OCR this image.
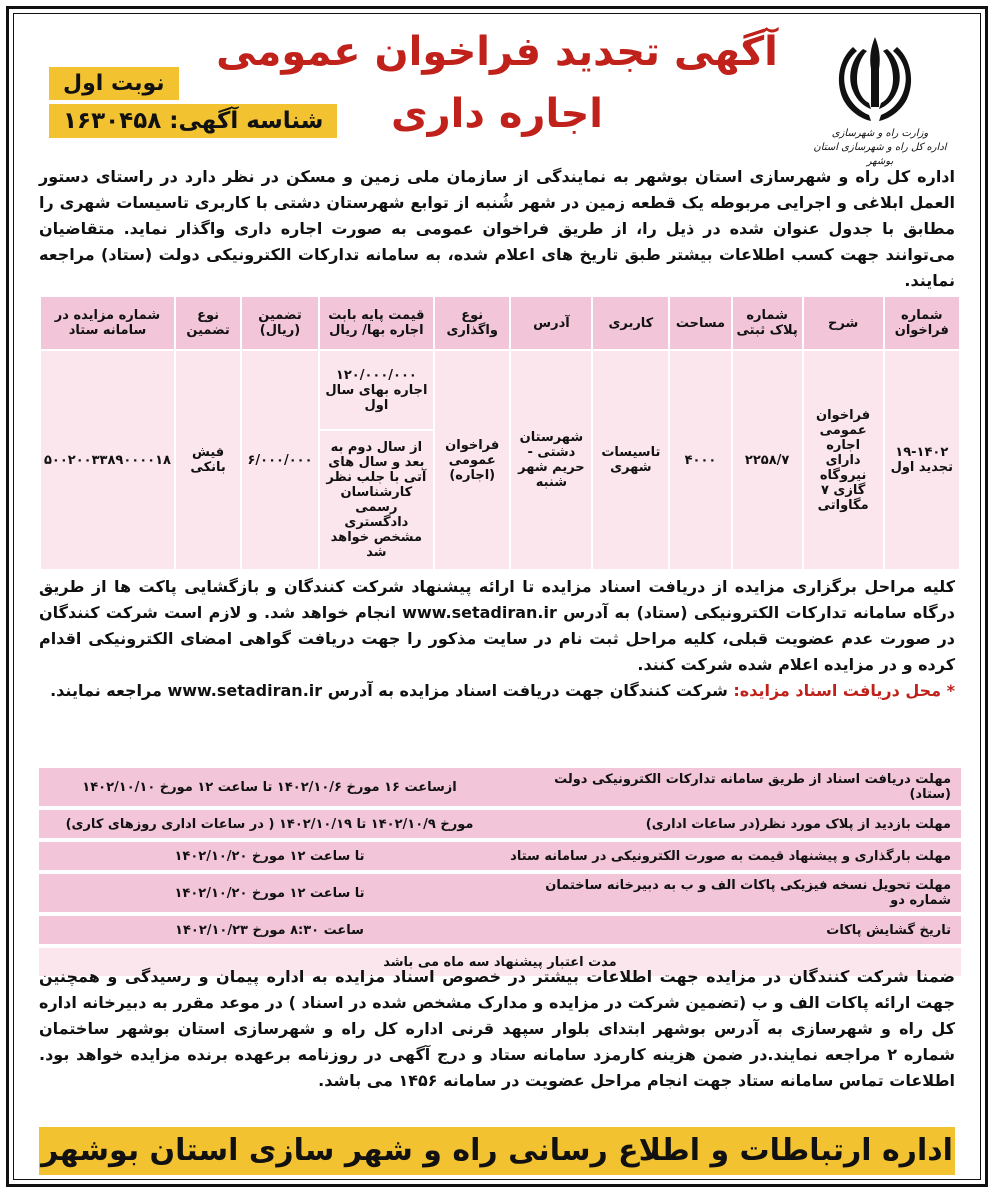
آگهی تجدید فراخوان عمومی
اجاره داری
نوبت اول
شناسه آگهی: ۱۶۳۰۴۵۸	وزارت راه و شهرسازی
اداره کل راه و شهرسازی استان بوشهر
اداره کل راه و شهرسازی استان بوشهر به نمایندگی از سازمان ملی زمین و مسکن در نظر دارد در راستای دستور العمل ابلاغی و اجرایی مربوطه یک قطعه زمین در شهر شُنبه از توابع شهرستان دشتی با کاربری تاسیسات شهری را مطابق با جدول عنوان شده در ذیل را، از طریق فراخوان عمومی به صورت اجاره داری واگذار نماید. متقاضیان می‌توانند جهت کسب اطلاعات بیشتر طبق تاریخ های اعلام شده، به سامانه تدارکات الکترونیکی دولت (ستاد) مراجعه نمایند.
شماره فراخوان	شرح	شماره پلاک ثبتی	مساحت	کاربری	آدرس	نوع واگذاری	قیمت پایه بابت اجاره بها/ ریال	تضمین (ریال)	نوع تضمین	شماره مزایده در سامانه ستاد
۱۹-۱۴۰۲ تجدید اول	فراخوان عمومی اجاره دارای نیروگاه گازی ۷ مگاواتی	۲۲۵۸/۷	۴۰۰۰	تاسیسات شهری	شهرستان دشتی - حریم شهر شنبه	فراخوان عمومی (اجاره)	۱۲۰/۰۰۰/۰۰۰ اجاره بهای سال اول	۶/۰۰۰/۰۰۰	فیش بانکی	۵۰۰۲۰۰۳۳۸۹۰۰۰۰۱۸
							از سال دوم به بعد و سال های آتی با جلب نظر کارشناسان رسمی دادگستری مشخص خواهد شد			
کلیه مراحل برگزاری مزایده از دریافت اسناد مزایده تا ارائه پیشنهاد شرکت کنندگان و بازگشایی پاکت ها از طریق درگاه سامانه تدارکات الکترونیکی (ستاد) به آدرس www.setadiran.ir انجام خواهد شد. و لازم است شرکت کنندگان در صورت عدم عضویت قبلی، کلیه مراحل ثبت نام در سایت مذکور را جهت دریافت گواهی امضای الکترونیکی اقدام کرده و در مزایده اعلام شده شرکت کنند.
* محل دریافت اسناد مزایده: شرکت کنندگان جهت دریافت اسناد مزایده به آدرس www.setadiran.ir مراجعه نمایند.
مهلت دریافت اسناد از طریق سامانه تدارکات الکترونیکی دولت (ستاد)	ازساعت ۱۶ مورخ ۱۴۰۲/۱۰/۶ تا ساعت ۱۲ مورخ ۱۴۰۲/۱۰/۱۰
مهلت بازدید از پلاک مورد نظر(در ساعات اداری)	مورخ ۱۴۰۲/۱۰/۹ تا ۱۴۰۲/۱۰/۱۹ ( در ساعات اداری روزهای کاری)
مهلت بارگذاری و پیشنهاد قیمت به صورت الکترونیکی در سامانه ستاد	تا ساعت ۱۲ مورخ ۱۴۰۲/۱۰/۲۰
مهلت تحویل نسخه فیزیکی پاکات الف و ب به دبیرخانه ساختمان شماره دو	تا ساعت ۱۲ مورخ ۱۴۰۲/۱۰/۲۰
تاریخ گشایش پاکات	ساعت ۸:۳۰ مورخ ۱۴۰۲/۱۰/۲۳
مدت اعتبار پیشنهاد سه ماه می باشد	
ضمنا شرکت کنندگان در مزایده جهت اطلاعات بیشتر در خصوص اسناد مزایده به اداره پیمان و رسیدگی و همچنین جهت ارائه پاکات الف و ب (تضمین شرکت در مزایده و مدارک مشخص شده در اسناد ) در موعد مقرر به دبیرخانه اداره کل راه و شهرسازی به آدرس بوشهر ابتدای بلوار سپهد قرنی اداره کل راه و شهرسازی استان بوشهر ساختمان شماره ۲ مراجعه نمایند.در ضمن هزینه کارمزد سامانه ستاد و درج آگهی در روزنامه برعهده برنده مزایده خواهد بود. اطلاعات تماس سامانه ستاد جهت انجام مراحل عضویت در سامانه ۱۴۵۶ می باشد.
اداره ارتباطات و اطلاع رسانی راه و شهر سازی استان بوشهر
